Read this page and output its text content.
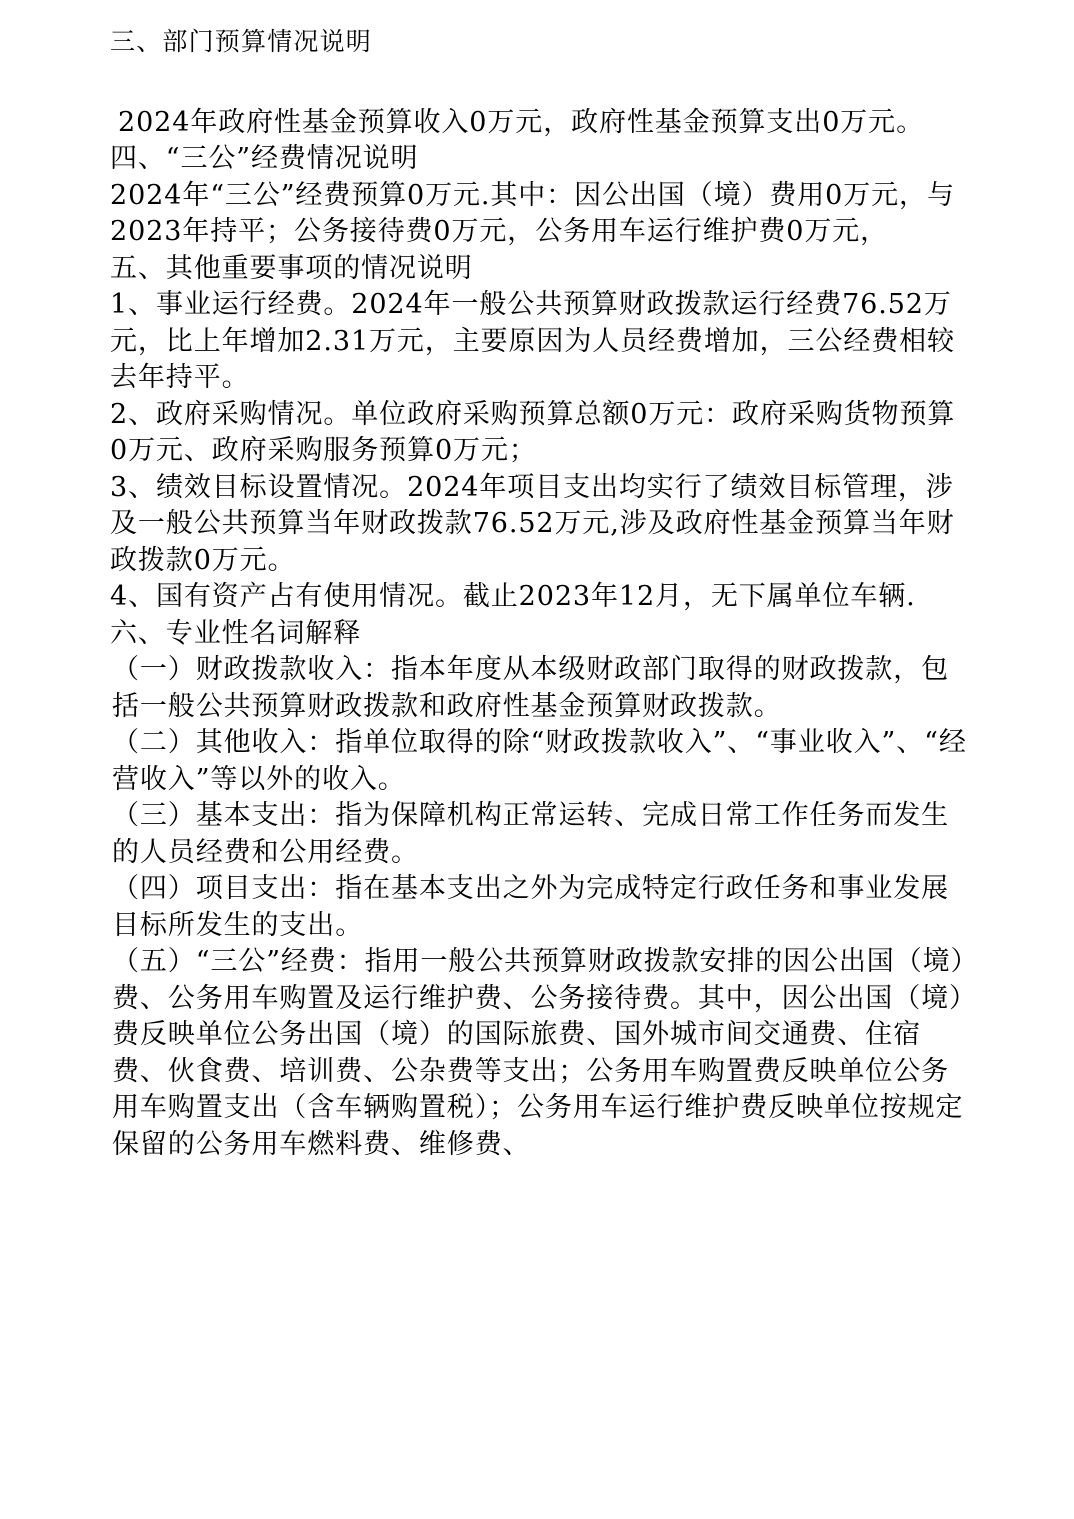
三、部门预算情况说明

2024年政府性基金预算收入0万元，政府性基金预算支出0万元。

四、“三公”经费情况说明

2024年“三公”经费预算0万元.其中：因公出国（境）费用0万元，与2023年持平；公务接待费0万元，公务用车运行维护费0万元，

五、其他重要事项的情况说明

1、事业运行经费。2024年一般公共预算财政拨款运行经费76.52万元，比上年增加2.31万元，主要原因为人员经费增加，三公经费相较去年持平。

2、政府采购情况。单位政府采购预算总额0万元：政府采购货物预算0万元、政府采购服务预算0万元；

3、绩效目标设置情况。2024年项目支出均实行了绩效目标管理，涉及一般公共预算当年财政拨款76.52万元,涉及政府性基金预算当年财政拨款0万元。

4、国有资产占有使用情况。截止2023年12月，无下属单位车辆.

六、专业性名词解释

（一）财政拨款收入：指本年度从本级财政部门取得的财政拨款，包括一般公共预算财政拨款和政府性基金预算财政拨款。

（二）其他收入：指单位取得的除“财政拨款收入”、“事业收入”、“经营收入”等以外的收入。

（三）基本支出：指为保障机构正常运转、完成日常工作任务而发生的人员经费和公用经费。

（四）项目支出：指在基本支出之外为完成特定行政任务和事业发展目标所发生的支出。

（五）“三公”经费：指用一般公共预算财政拨款安排的因公出国（境）费、公务用车购置及运行维护费、公务接待费。其中，因公出国（境）费反映单位公务出国（境）的国际旅费、国外城市间交通费、住宿费、伙食费、培训费、公杂费等支出；公务用车购置费反映单位公务用车购置支出（含车辆购置税）；公务用车运行维护费反映单位按规定保留的公务用车燃料费、维修费、
